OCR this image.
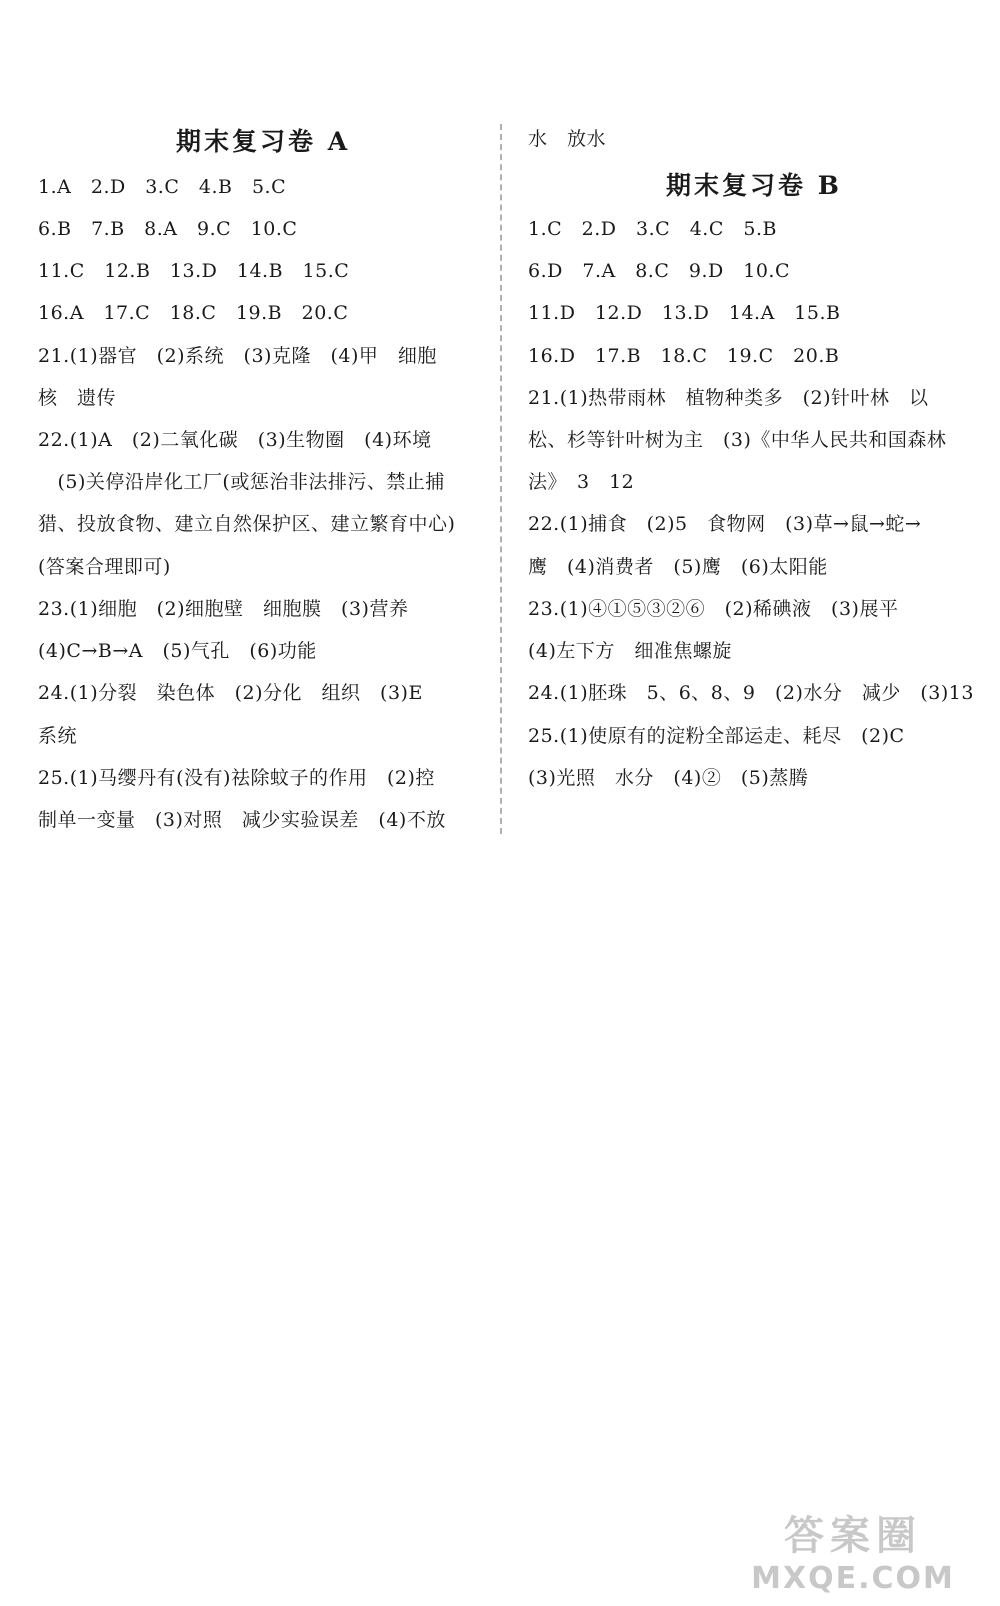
期末复习卷 A
1.A　2.D　3.C　4.B　5.C
6.B　7.B　8.A　9.C　10.C
11.C　12.B　13.D　14.B　15.C
16.A　17.C　18.C　19.B　20.C
21.(1)器官　(2)系统　(3)克隆　(4)甲　细胞
核　遗传
22.(1)A　(2)二氧化碳　(3)生物圈　(4)环境
　(5)关停沿岸化工厂(或惩治非法排污、禁止捕
猎、投放食物、建立自然保护区、建立繁育中心)
(答案合理即可)
23.(1)细胞　(2)细胞壁　细胞膜　(3)营养
(4)C→B→A　(5)气孔　(6)功能
24.(1)分裂　染色体　(2)分化　组织　(3)E
系统
25.(1)马缨丹有(没有)祛除蚊子的作用　(2)控
制单一变量　(3)对照　减少实验误差　(4)不放
水　放水
期末复习卷 B
1.C　2.D　3.C　4.C　5.B
6.D　7.A　8.C　9.D　10.C
11.D　12.D　13.D　14.A　15.B
16.D　17.B　18.C　19.C　20.B
21.(1)热带雨林　植物种类多　(2)针叶林　以
松、杉等针叶树为主　(3)《中华人民共和国森林
法》　3　12
22.(1)捕食　(2)5　食物网　(3)草→鼠→蛇→
鹰　(4)消费者　(5)鹰　(6)太阳能
23.(1)④①⑤③②⑥　(2)稀碘液　(3)展平
(4)左下方　细准焦螺旋
24.(1)胚珠　5、6、8、9　(2)水分　减少　(3)13
25.(1)使原有的淀粉全部运走、耗尽　(2)C
(3)光照　水分　(4)②　(5)蒸腾
答案圈
MXQE.COM
